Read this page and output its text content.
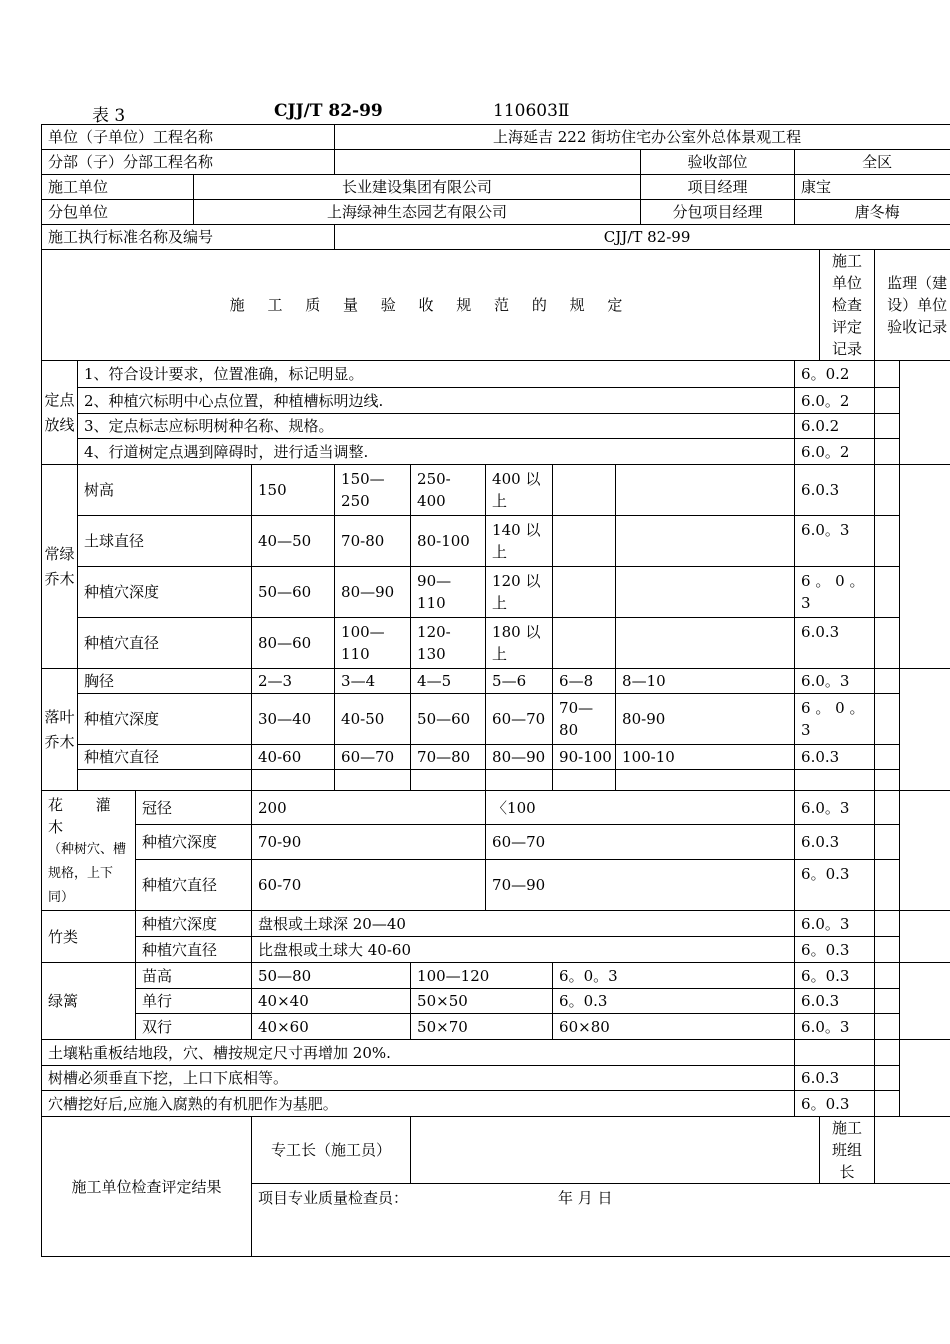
表 3	CJJ/T 82-99	110603Ⅱ
单位（子单位）工程名称					上海延吉 222 街坊住宅办公室外总体景观工程									
分部（子）分部工程名称										验收部位	全区			
施工单位			长业建设集团有限公司							项目经理	康宝			
分包单位			上海绿神生态园艺有限公司							分包项目经理	唐冬梅			
施工执行标准名称及编号					CJJ/T 82-99									
施 工 质 量 验 收 规 范 的 规 定												施工单位检查评定记录	监理（建设）单位验收记录	
定点放线	1、符合设计要求，位置准确，标记明显。										6。0.2			
	2、种植穴标明中心点位置，种植槽标明边线.										6.0。2			
	3、定点标志应标明树种名称、规格。										6.0.2			
	4、行道树定点遇到障碍时，进行适当调整.										6.0。2			
常绿乔木	树高			150	150—250	250-400	400 以上				6.0.3			
	土球直径			40—50	70-80	80-100	140 以上				6.0。3			
	种植穴深度			50—60	80—90	90—110	120 以上				6 。 0 。3			
	种植穴直径			80—60	100—110	120-130	180 以上				6.0.3			
落叶乔木	胸径			2—3	3—4	4—5	5—6	6—8	8—10		6.0。3			
	种植穴深度			30—40	40-50	50—60	60—70	70—80	80-90		6 。 0 。3			
	种植穴直径			40-60	60—70	70—80	80—90	90-100	100-10		6.0.3			

花 灌 木
（种树穴、槽规格，上下同）		冠径		200			〈100				6.0。3			
		种植穴深度		70-90			60—70				6.0.3			
		种植穴直径		60-70			70—90				6。0.3			
竹类		种植穴深度		盘根或土球深 20—40							6.0。3			
		种植穴直径		比盘根或土球大 40-60							6。0.3			
绿篱		苗高		50—80		100—120		6。0。3			6。0.3			
		单行		40×40		50×50		6。0.3			6.0.3			
		双行		40×60		50×70		60×80			6.0。3			
土壤粘重板结地段，穴、槽按规定尺寸再增加 20%.														
树槽必须垂直下挖，上口下底相等。											6.0.3			
穴槽挖好后,应施入腐熟的有机肥作为基肥。											6。0.3			
施工单位检查评定结果				专工长（施工员）								施工班组长		
				项目专业质量检查员： 年 月 日										
